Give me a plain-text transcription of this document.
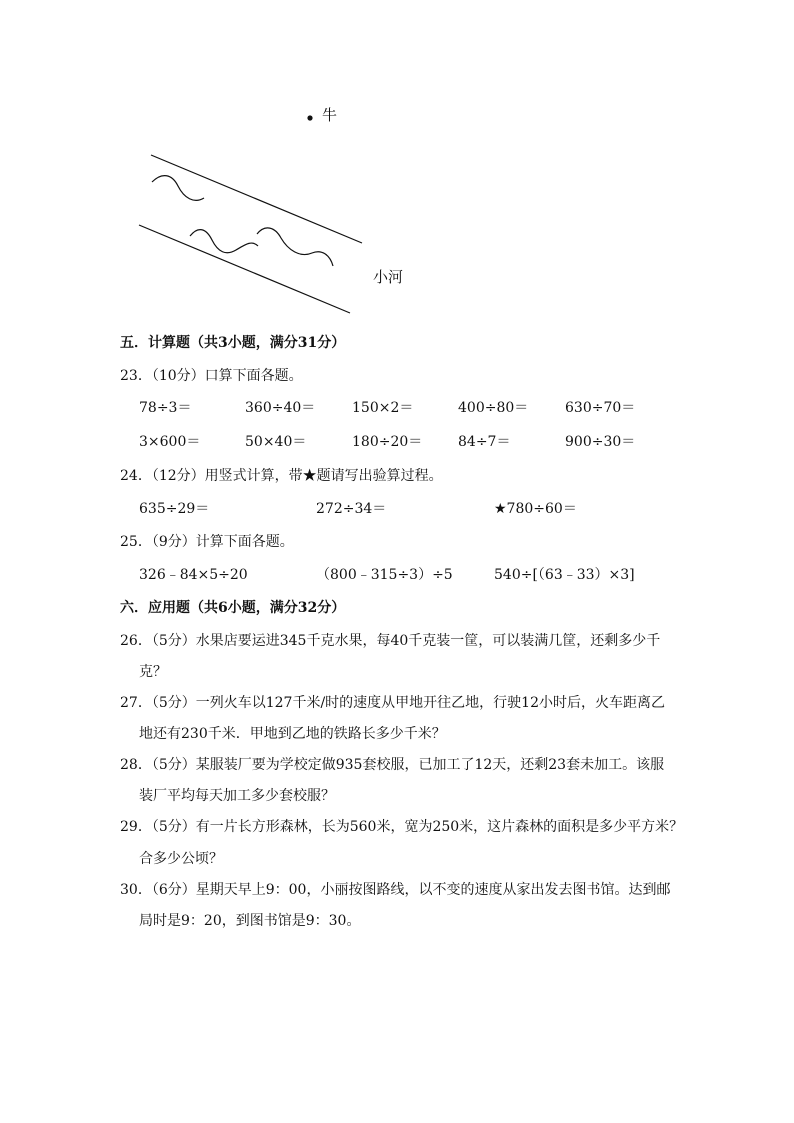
牛
小河
五．计算题（共3小题，满分31分）
23．（10分）口算下面各题。
78÷3＝	360÷40＝	150×2＝	400÷80＝	630÷70＝
3×600＝	50×40＝	180÷20＝	84÷7＝	900÷30＝
24．（12分）用竖式计算，带★题请写出验算过程。
635÷29＝	272÷34＝	★780÷60＝
25．（9分）计算下面各题。
326﹣84×5÷20	（800﹣315÷3）÷5	540÷[（63﹣33）×3]
六．应用题（共6小题，满分32分）
26．（5分）水果店要运进345千克水果，每40千克装一筐，可以装满几筐，还剩多少千
克？
27．（5分）一列火车以127千米/时的速度从甲地开往乙地，行驶12小时后，火车距离乙
地还有230千米．甲地到乙地的铁路长多少千米？
28．（5分）某服装厂要为学校定做935套校服，已加工了12天，还剩23套未加工。该服
装厂平均每天加工多少套校服？
29．（5分）有一片长方形森林，长为560米，宽为250米，这片森林的面积是多少平方米？
合多少公顷？
30．（6分）星期天早上9：00，小丽按图路线，以不变的速度从家出发去图书馆。达到邮
局时是9：20，到图书馆是9：30。
